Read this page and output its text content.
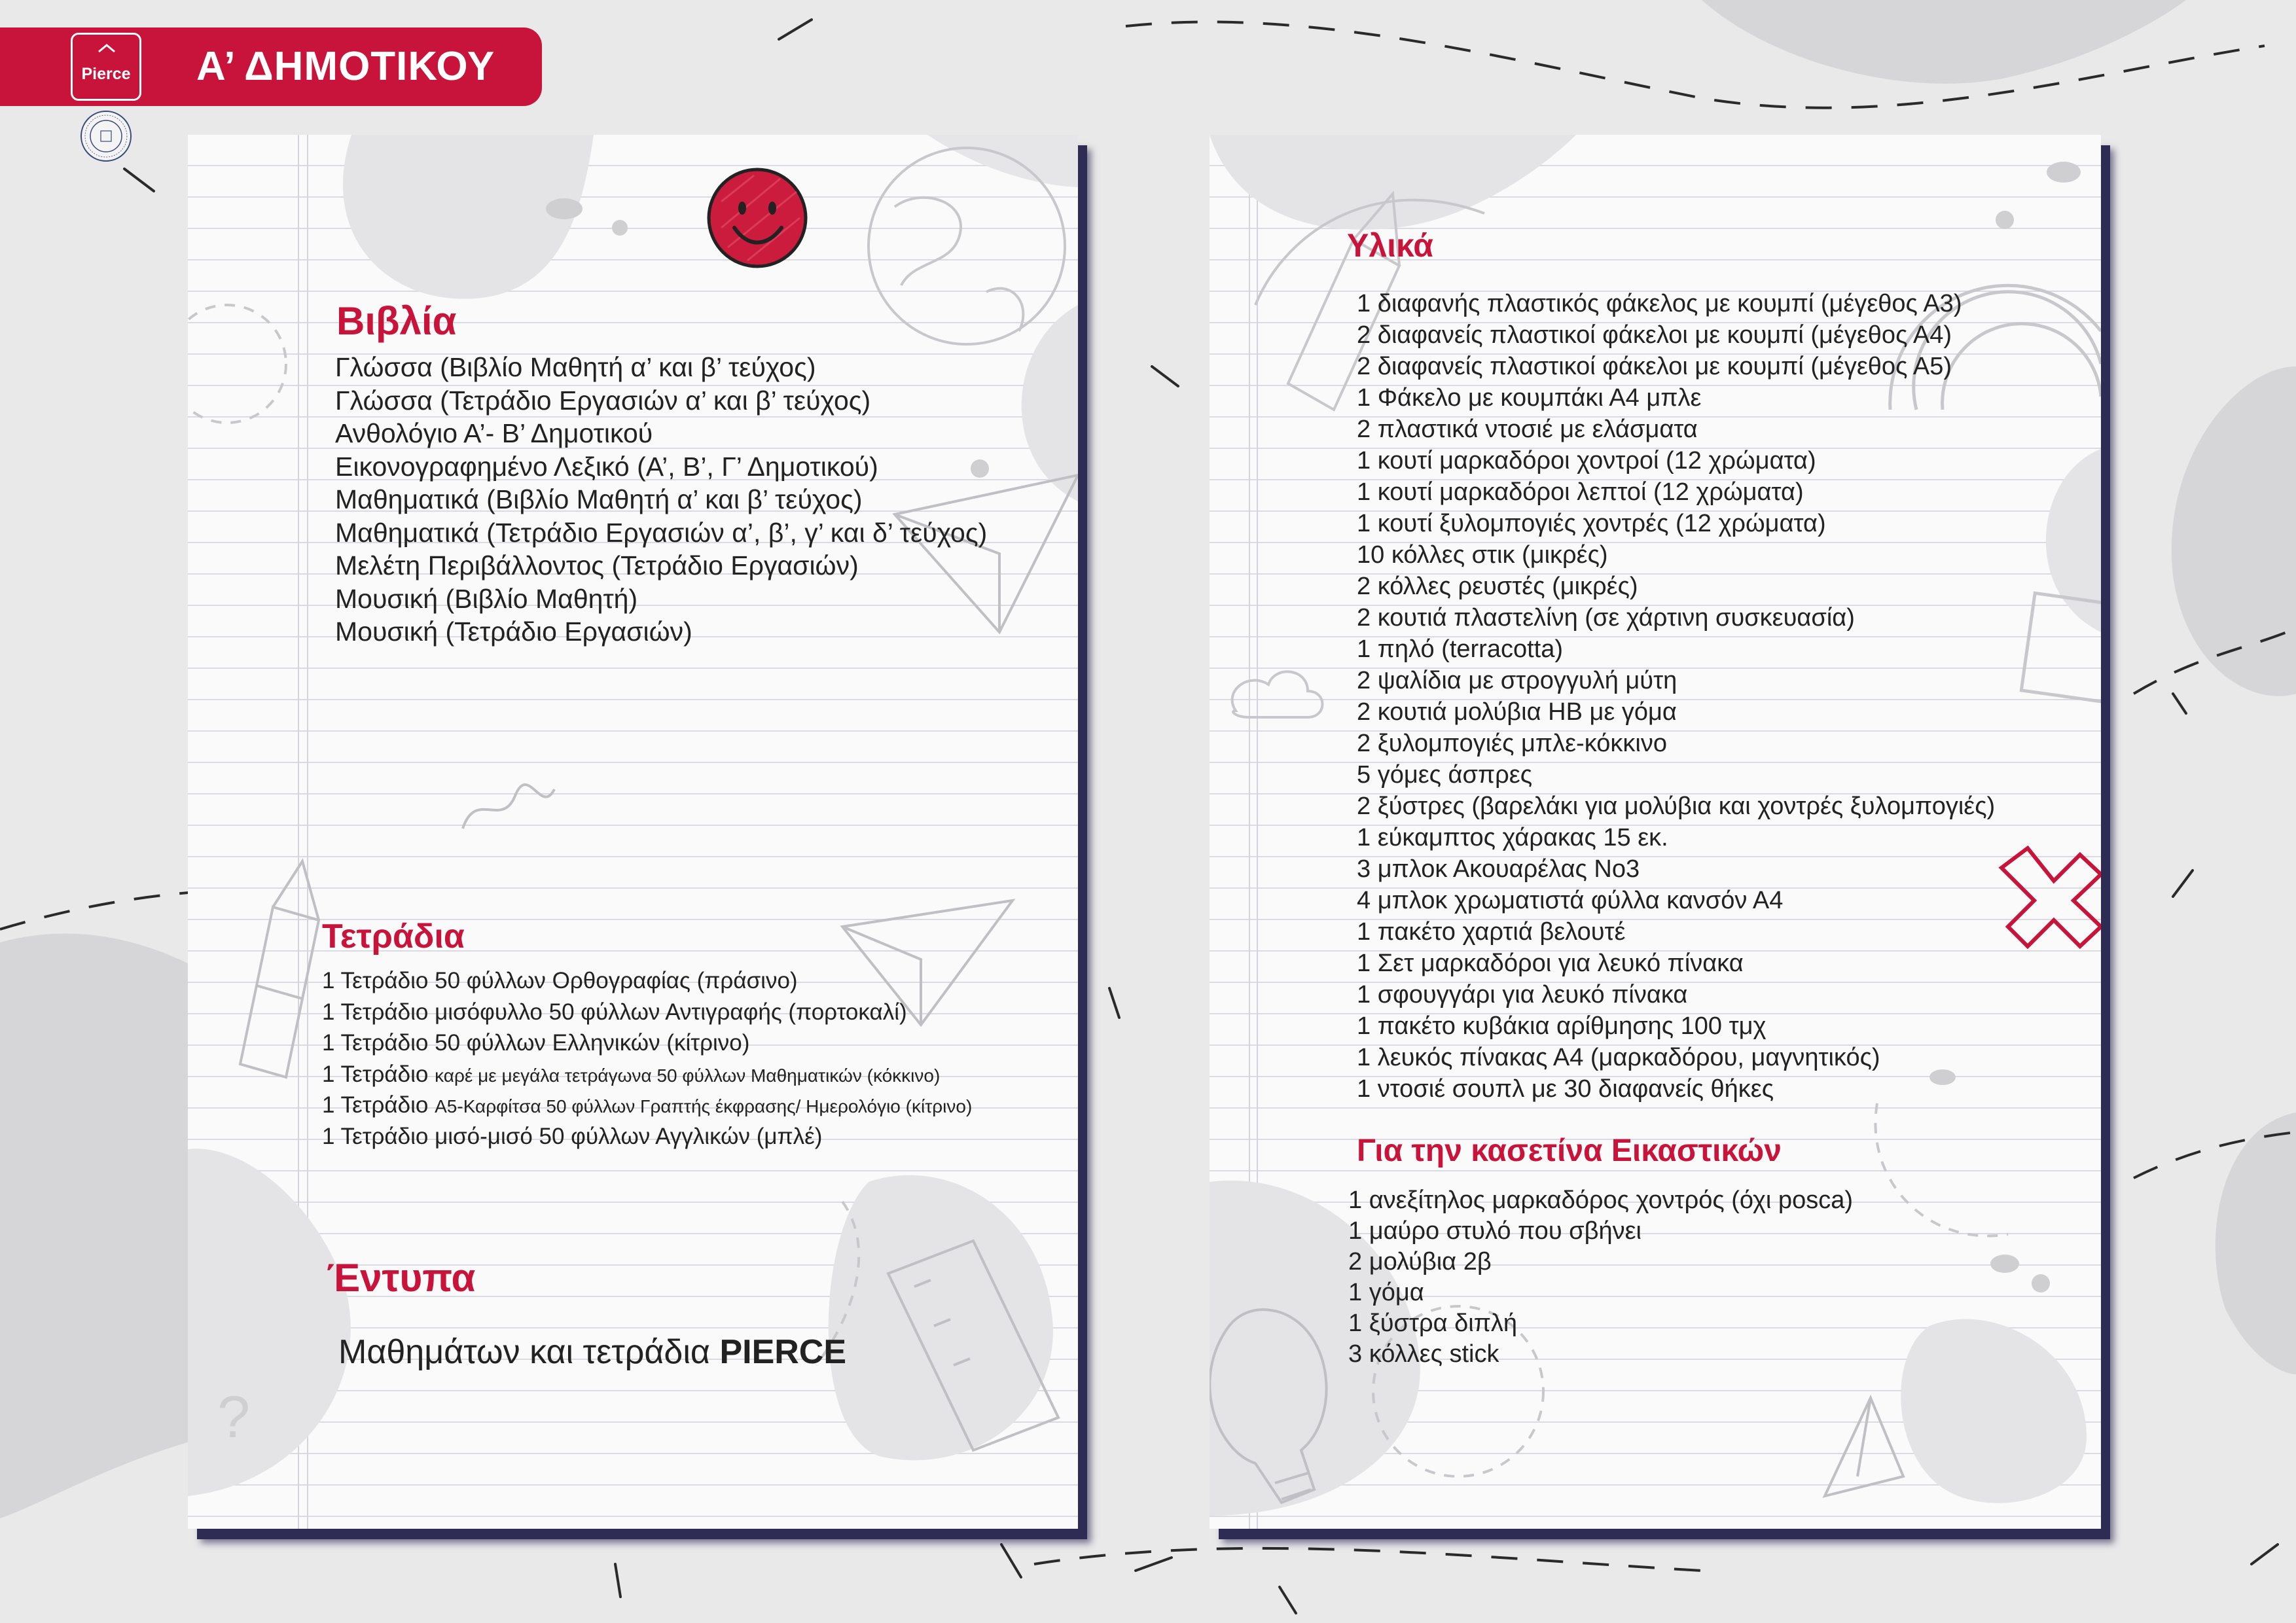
Pierce Α’ ΔΗΜΟΤΙΚΟΥ
?
Βιβλία
Γλώσσα (Βιβλίο Μαθητή α’ και β’ τεύχος)
Γλώσσα (Τετράδιο Εργασιών α’ και β’ τεύχος)
Ανθολόγιο Α’- Β’ Δημοτικού
Εικονογραφημένο Λεξικό (Α’, Β’, Γ’ Δημοτικού)
Μαθηματικά (Βιβλίο Μαθητή α’ και β’ τεύχος)
Μαθηματικά (Τετράδιο Εργασιών α’, β’, γ’ και δ’ τεύχος)
Μελέτη Περιβάλλοντος (Τετράδιο Εργασιών)
Μουσική (Βιβλίο Μαθητή)
Μουσική (Τετράδιο Εργασιών)
Τετράδια
1 Τετράδιο 50 φύλλων Ορθογραφίας (πράσινο)
1 Τετράδιο μισόφυλλο 50 φύλλων Αντιγραφής (πορτοκαλί)
1 Τετράδιο 50 φύλλων Ελληνικών (κίτρινο)
1 Τετράδιο καρέ με μεγάλα τετράγωνα 50 φύλλων Μαθηματικών (κόκκινο)
1 Τετράδιο Α5-Καρφίτσα 50 φύλλων Γραπτής έκφρασης/ Ημερολόγιο (κίτρινο)
1 Τετράδιο μισό-μισό 50 φύλλων Αγγλικών (μπλέ)
Έντυπα
Μαθημάτων και τετράδια PIERCE
Υλικά
1 διαφανής πλαστικός φάκελος με κουμπί (μέγεθος Α3)
2 διαφανείς πλαστικοί φάκελοι με κουμπί (μέγεθος Α4)
2 διαφανείς πλαστικοί φάκελοι με κουμπί (μέγεθος Α5)
1 Φάκελο με κουμπάκι Α4 μπλε
2 πλαστικά ντοσιέ με ελάσματα
1 κουτί μαρκαδόροι χοντροί (12 χρώματα)
1 κουτί μαρκαδόροι λεπτοί (12 χρώματα)
1 κουτί ξυλομπογιές χοντρές (12 χρώματα)
10 κόλλες στικ (μικρές)
2 κόλλες ρευστές (μικρές)
2 κουτιά πλαστελίνη (σε χάρτινη συσκευασία)
1 πηλό (terracotta)
2 ψαλίδια με στρογγυλή μύτη
2 κουτιά μολύβια ΗΒ με γόμα
2 ξυλομπογιές μπλε-κόκκινο
5 γόμες άσπρες
2 ξύστρες (βαρελάκι για μολύβια και χοντρές ξυλομπογιές)
1 εύκαμπτος χάρακας 15 εκ.
3 μπλοκ Ακουαρέλας Νο3
4 μπλοκ χρωματιστά φύλλα κανσόν Α4
1 πακέτο χαρτιά βελουτέ
1 Σετ μαρκαδόροι για λευκό πίνακα
1 σφουγγάρι για λευκό πίνακα
1 πακέτο κυβάκια αρίθμησης 100 τμχ
1 λευκός πίνακας Α4 (μαρκαδόρου, μαγνητικός)
1 ντοσιέ σουπλ με 30 διαφανείς θήκες
Για την κασετίνα Εικαστικών
1 ανεξίτηλος μαρκαδόρος χοντρός (όχι posca)
1 μαύρο στυλό που σβήνει
2 μολύβια 2β
1 γόμα
1 ξύστρα διπλή
3 κόλλες stick
